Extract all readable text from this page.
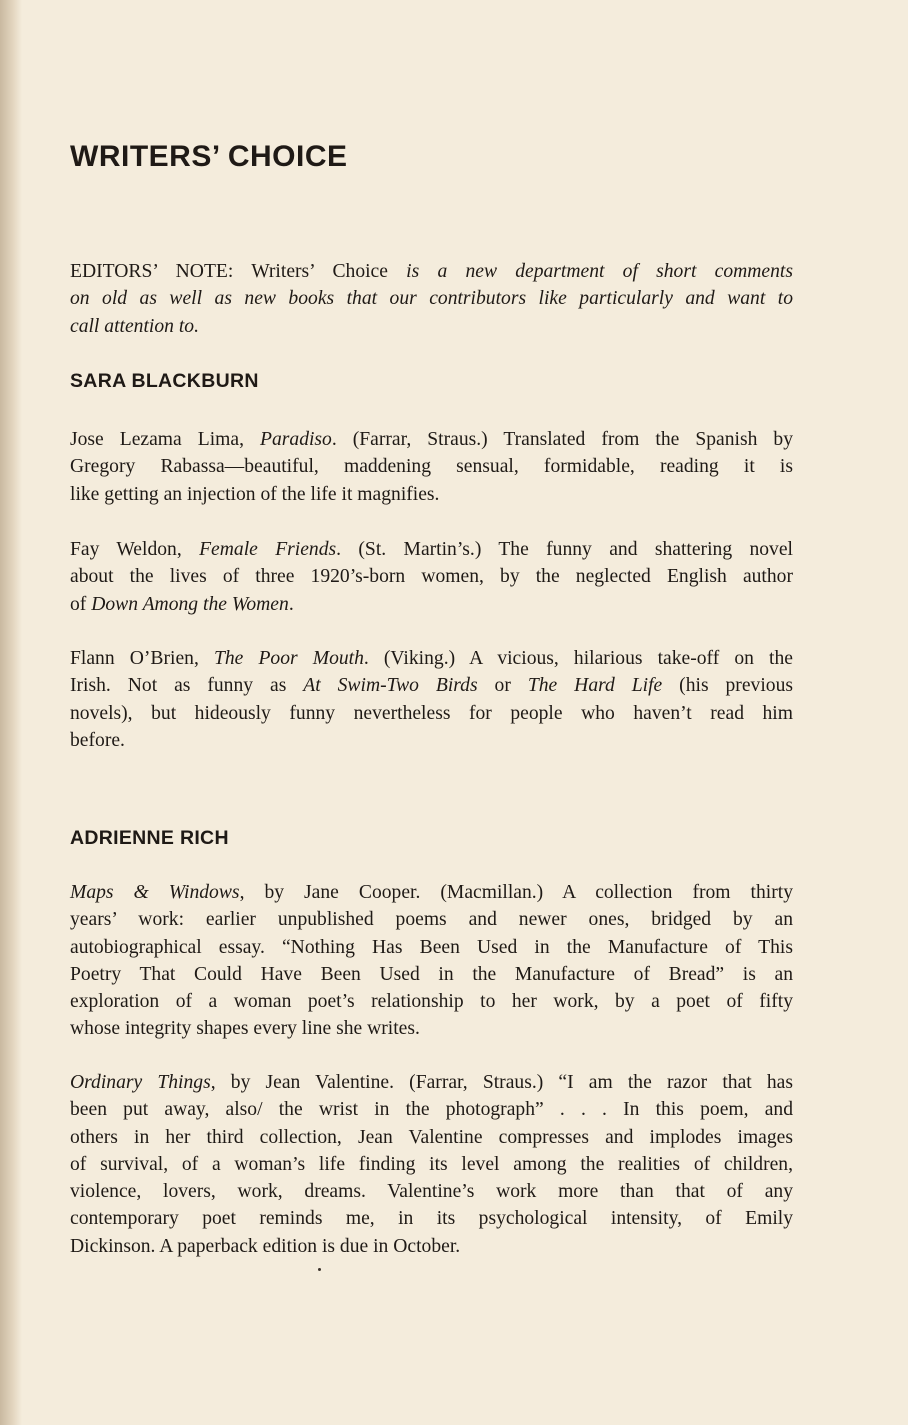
WRITERS’ CHOICE
EDITORS’ NOTE: Writers’ Choice is a new department of short comments
on old as well as new books that our contributors like particularly and want to
call attention to.
SARA BLACKBURN
Jose Lezama Lima, Paradiso. (Farrar, Straus.) Translated from the Spanish by
Gregory Rabassa—beautiful, maddening sensual, formidable, reading it is
like getting an injection of the life it magnifies.
Fay Weldon, Female Friends. (St. Martin’s.) The funny and shattering novel
about the lives of three 1920’s-born women, by the neglected English author
of Down Among the Women.
Flann O’Brien, The Poor Mouth. (Viking.) A vicious, hilarious take-off on the
Irish. Not as funny as At Swim-Two Birds or The Hard Life (his previous
novels), but hideously funny nevertheless for people who haven’t read him
before.
ADRIENNE RICH
Maps & Windows, by Jane Cooper. (Macmillan.) A collection from thirty
years’ work: earlier unpublished poems and newer ones, bridged by an
autobiographical essay. “Nothing Has Been Used in the Manufacture of This
Poetry That Could Have Been Used in the Manufacture of Bread” is an
exploration of a woman poet’s relationship to her work, by a poet of fifty
whose integrity shapes every line she writes.
Ordinary Things, by Jean Valentine. (Farrar, Straus.) “I am the razor that has
been put away, also/ the wrist in the photograph” . . . In this poem, and
others in her third collection, Jean Valentine compresses and implodes images
of survival, of a woman’s life finding its level among the realities of children,
violence, lovers, work, dreams. Valentine’s work more than that of any
contemporary poet reminds me, in its psychological intensity, of Emily
Dickinson. A paperback edition is due in October.
